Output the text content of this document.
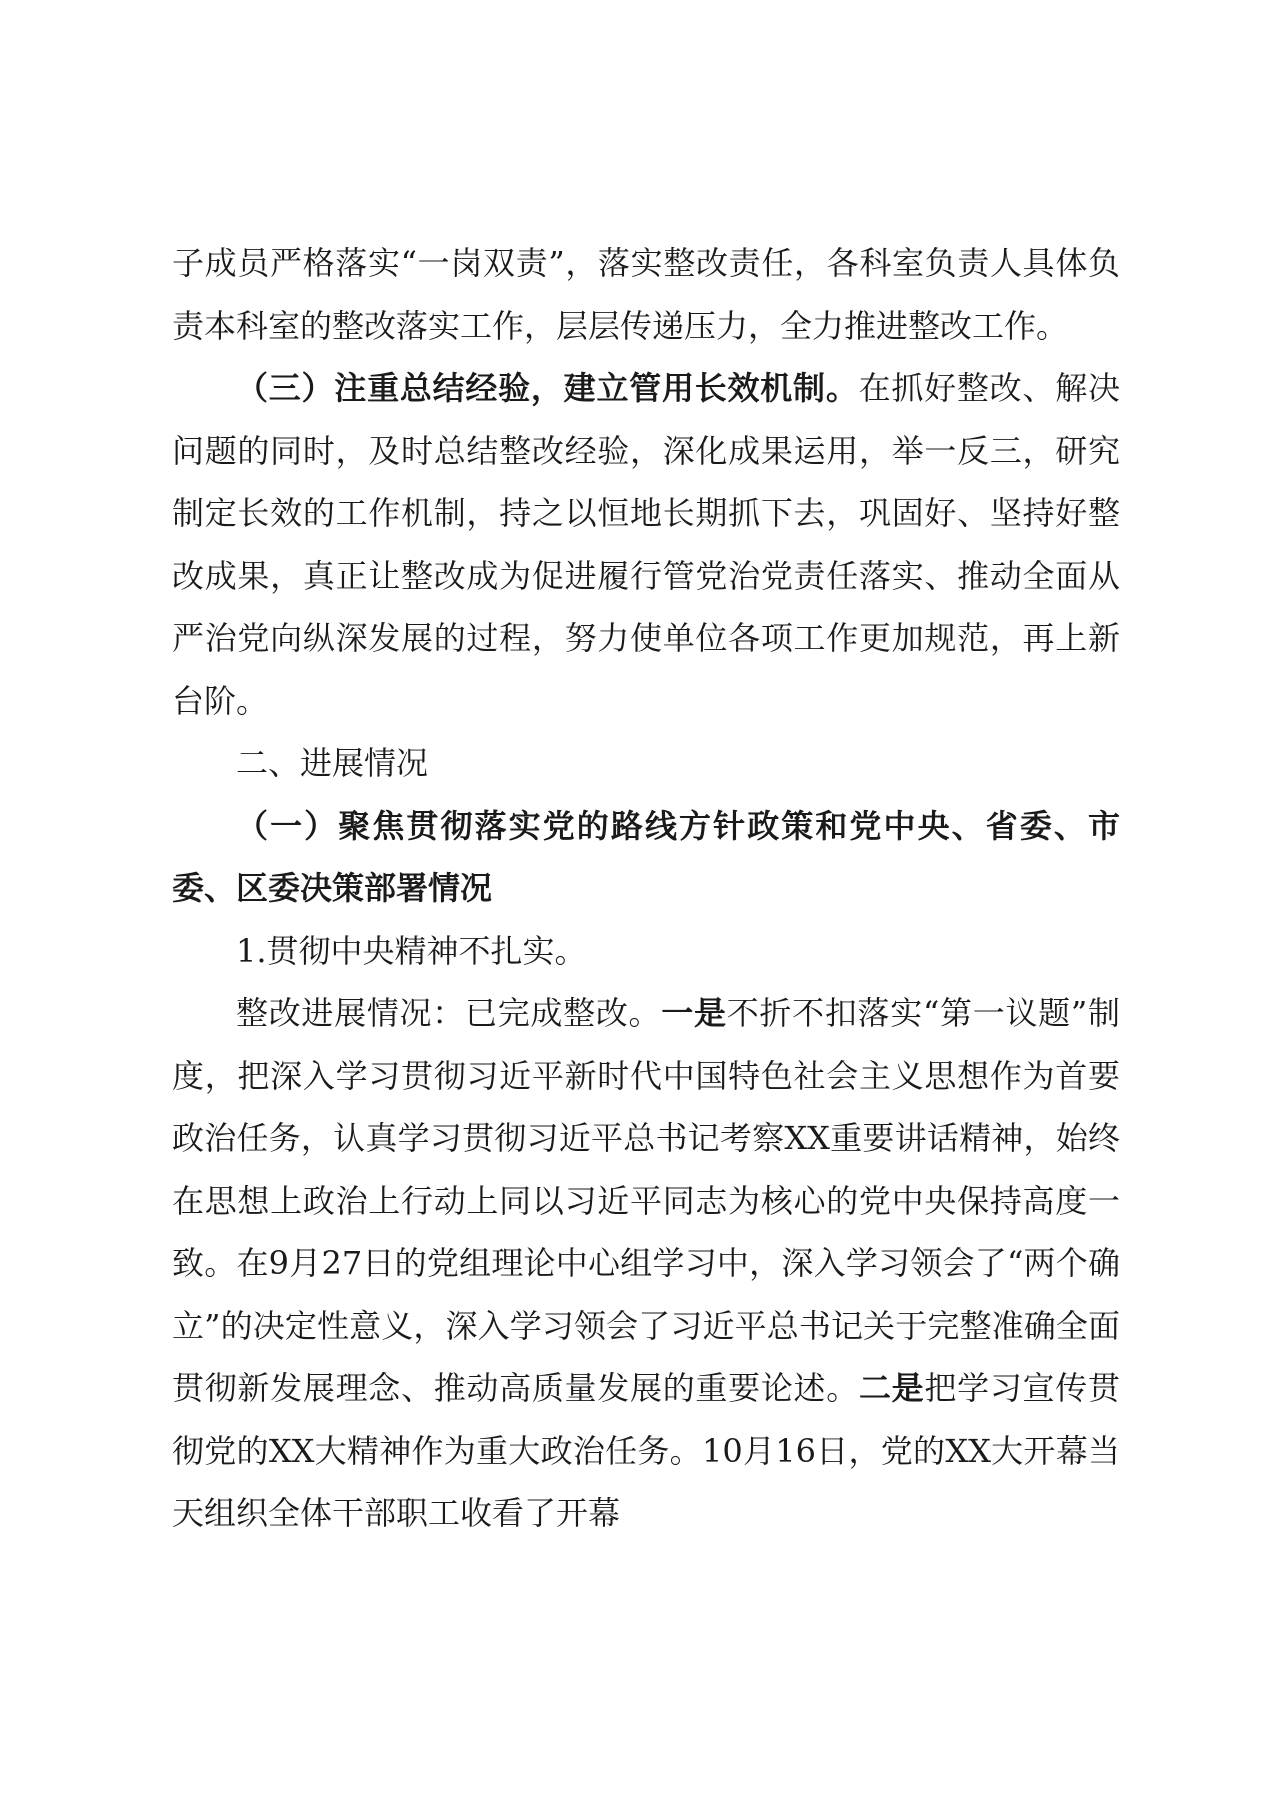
子成员严格落实“一岗双责”，落实整改责任，各科室负责人具体负责本科室的整改落实工作，层层传递压力，全力推进整改工作。

（三）注重总结经验，建立管用长效机制。在抓好整改、解决问题的同时，及时总结整改经验，深化成果运用，举一反三，研究制定长效的工作机制，持之以恒地长期抓下去，巩固好、坚持好整改成果，真正让整改成为促进履行管党治党责任落实、推动全面从严治党向纵深发展的过程，努力使单位各项工作更加规范，再上新台阶。

二、进展情况

（一）聚焦贯彻落实党的路线方针政策和党中央、省委、市委、区委决策部署情况

1.贯彻中央精神不扎实。

整改进展情况：已完成整改。一是不折不扣落实“第一议题”制度，把深入学习贯彻习近平新时代中国特色社会主义思想作为首要政治任务，认真学习贯彻习近平总书记考察XX重要讲话精神，始终在思想上政治上行动上同以习近平同志为核心的党中央保持高度一致。在9月27日的党组理论中心组学习中，深入学习领会了“两个确立”的决定性意义，深入学习领会了习近平总书记关于完整准确全面贯彻新发展理念、推动高质量发展的重要论述。二是把学习宣传贯彻党的XX大精神作为重大政治任务。10月16日，党的XX大开幕当天组织全体干部职工收看了开幕
